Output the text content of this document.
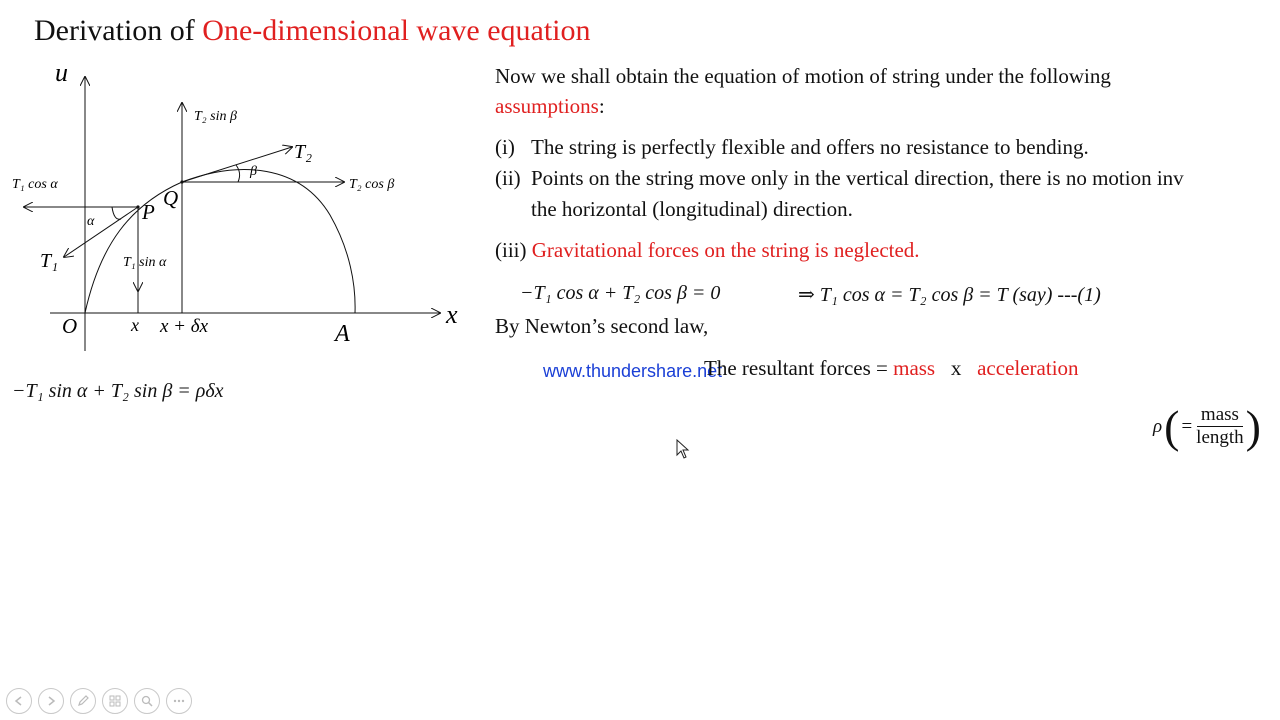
Derivation of One-dimensional wave equation
u
x
O	A
P
Q
x x + δx
T₁
T₂
T₁ cos α	T₂ cos β
T₁ sin α
T₂ sin β
α
β
Now we shall obtain the equation of motion of string under the following
assumptions:
(i) The string is perfectly flexible and offers no resistance to bending.
(ii) Points on the string move only in the vertical direction, there is no motion inv
the horizontal (longitudinal) direction.
(iii) Gravitational forces on the string is neglected.
−T₁ cos α + T₂ cos β = 0	⇒ T₁ cos α = T₂ cos β = T (say) ---(1)
By Newton’s second law,
www.thundershare.net
The resultant forces = mass x acceleration
−T₁ sin α + T₂ sin β = ρδx
ρ ( = $\frac{\text{mass}}{\text{length}}$ )
